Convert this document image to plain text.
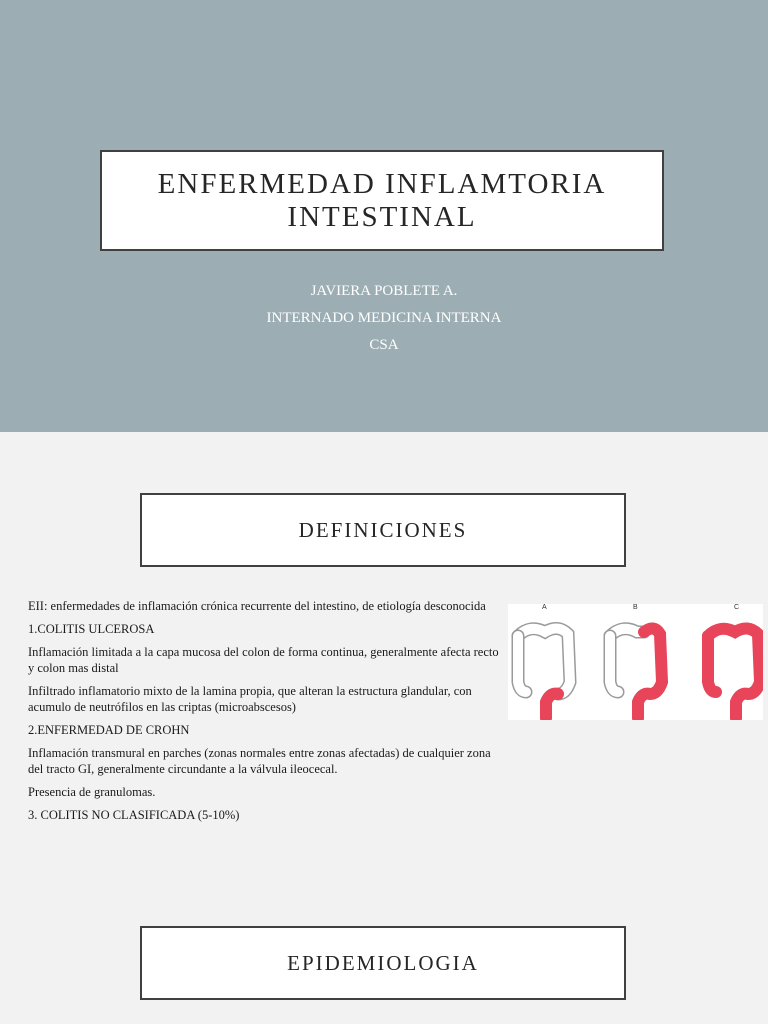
ENFERMEDAD INFLAMTORIA
INTESTINAL
JAVIERA POBLETE A.
INTERNADO MEDICINA INTERNA
CSA
DEFINICIONES

EII: enfermedades de inflamación crónica recurrente del intestino, de etiología desconocida

1.COLITIS ULCEROSA

Inflamación limitada a la capa mucosa del colon de forma continua, generalmente afecta recto y colon mas distal

Infiltrado inflamatorio mixto de la lamina propia, que alteran la estructura glandular, con acumulo de neutrófilos en las criptas (microabscesos)

2.ENFERMEDAD DE CROHN

Inflamación transmural en parches (zonas normales entre zonas afectadas) de cualquier zona del tracto GI, generalmente circundante a la válvula ileocecal.

Presencia de granulomas.

3. COLITIS NO CLASIFICADA (5-10%)

A	B	C
EPIDEMIOLOGIA
